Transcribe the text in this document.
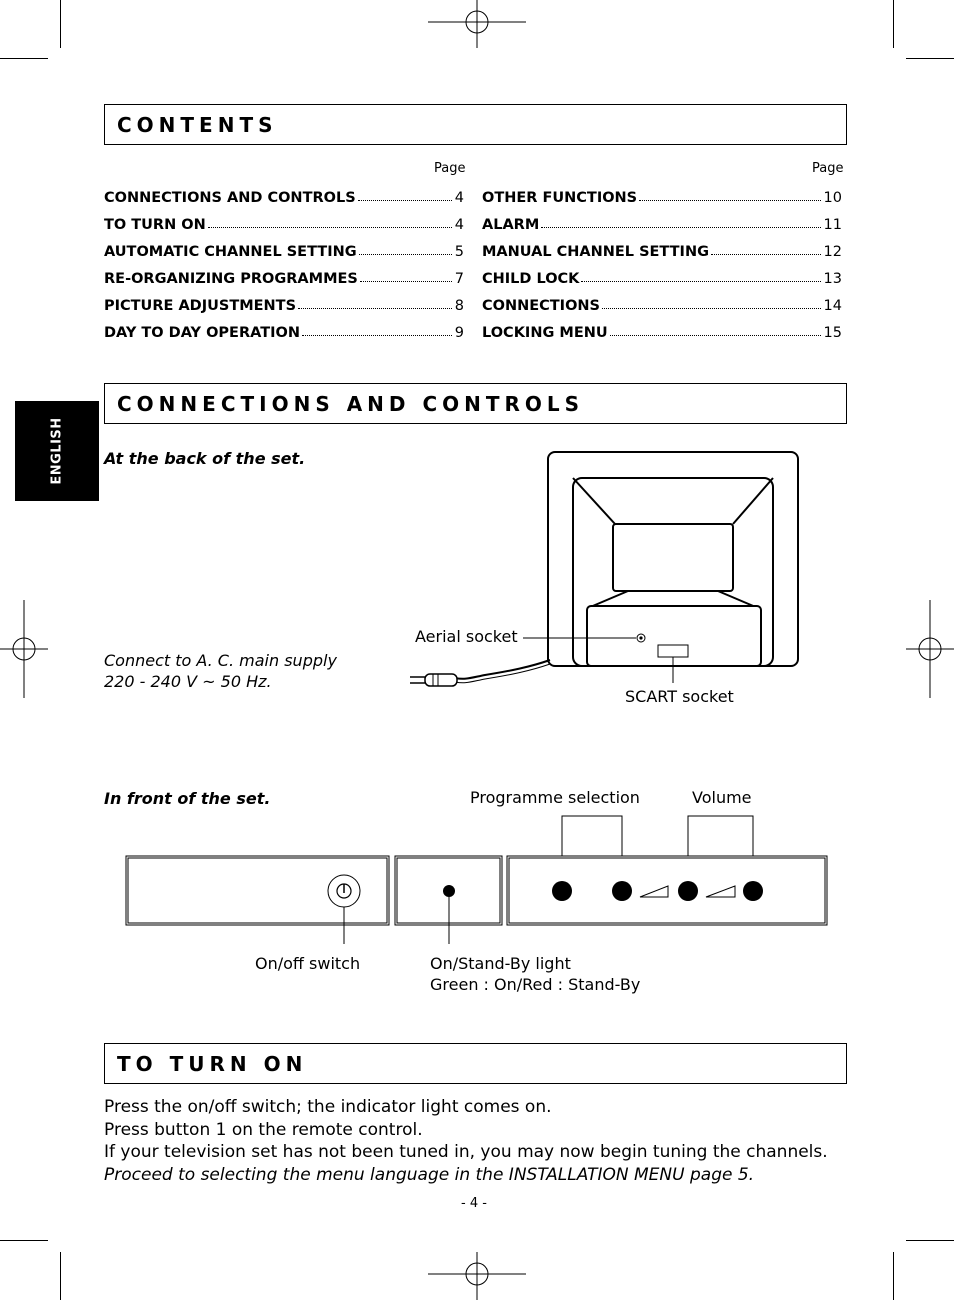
ENGLISH
CONTENTS
Page	Page
CONNECTIONS AND CONTROLS	4
TO TURN ON	4
AUTOMATIC CHANNEL SETTING	5
RE-ORGANIZING PROGRAMMES	7
PICTURE ADJUSTMENTS	8
DAY TO DAY OPERATION	9
OTHER FUNCTIONS	10
ALARM	11
MANUAL CHANNEL SETTING	12
CHILD LOCK	13
CONNECTIONS	14
LOCKING MENU	15
CONNECTIONS AND CONTROLS
At the back of the set.
Aerial socket
Connect to A. C. main supply
220 - 240 V ~ 50 Hz.
SCART socket
In front of the set.	Programme selection	Volume
On/off switch	On/Stand-By light
Green : On/Red : Stand-By
TO TURN ON
Press the on/off switch; the indicator light comes on.
Press button 1 on the remote control.
If your television set has not been tuned in, you may now begin tuning the channels.
Proceed to selecting the menu language in the INSTALLATION MENU page 5.
- 4 -
